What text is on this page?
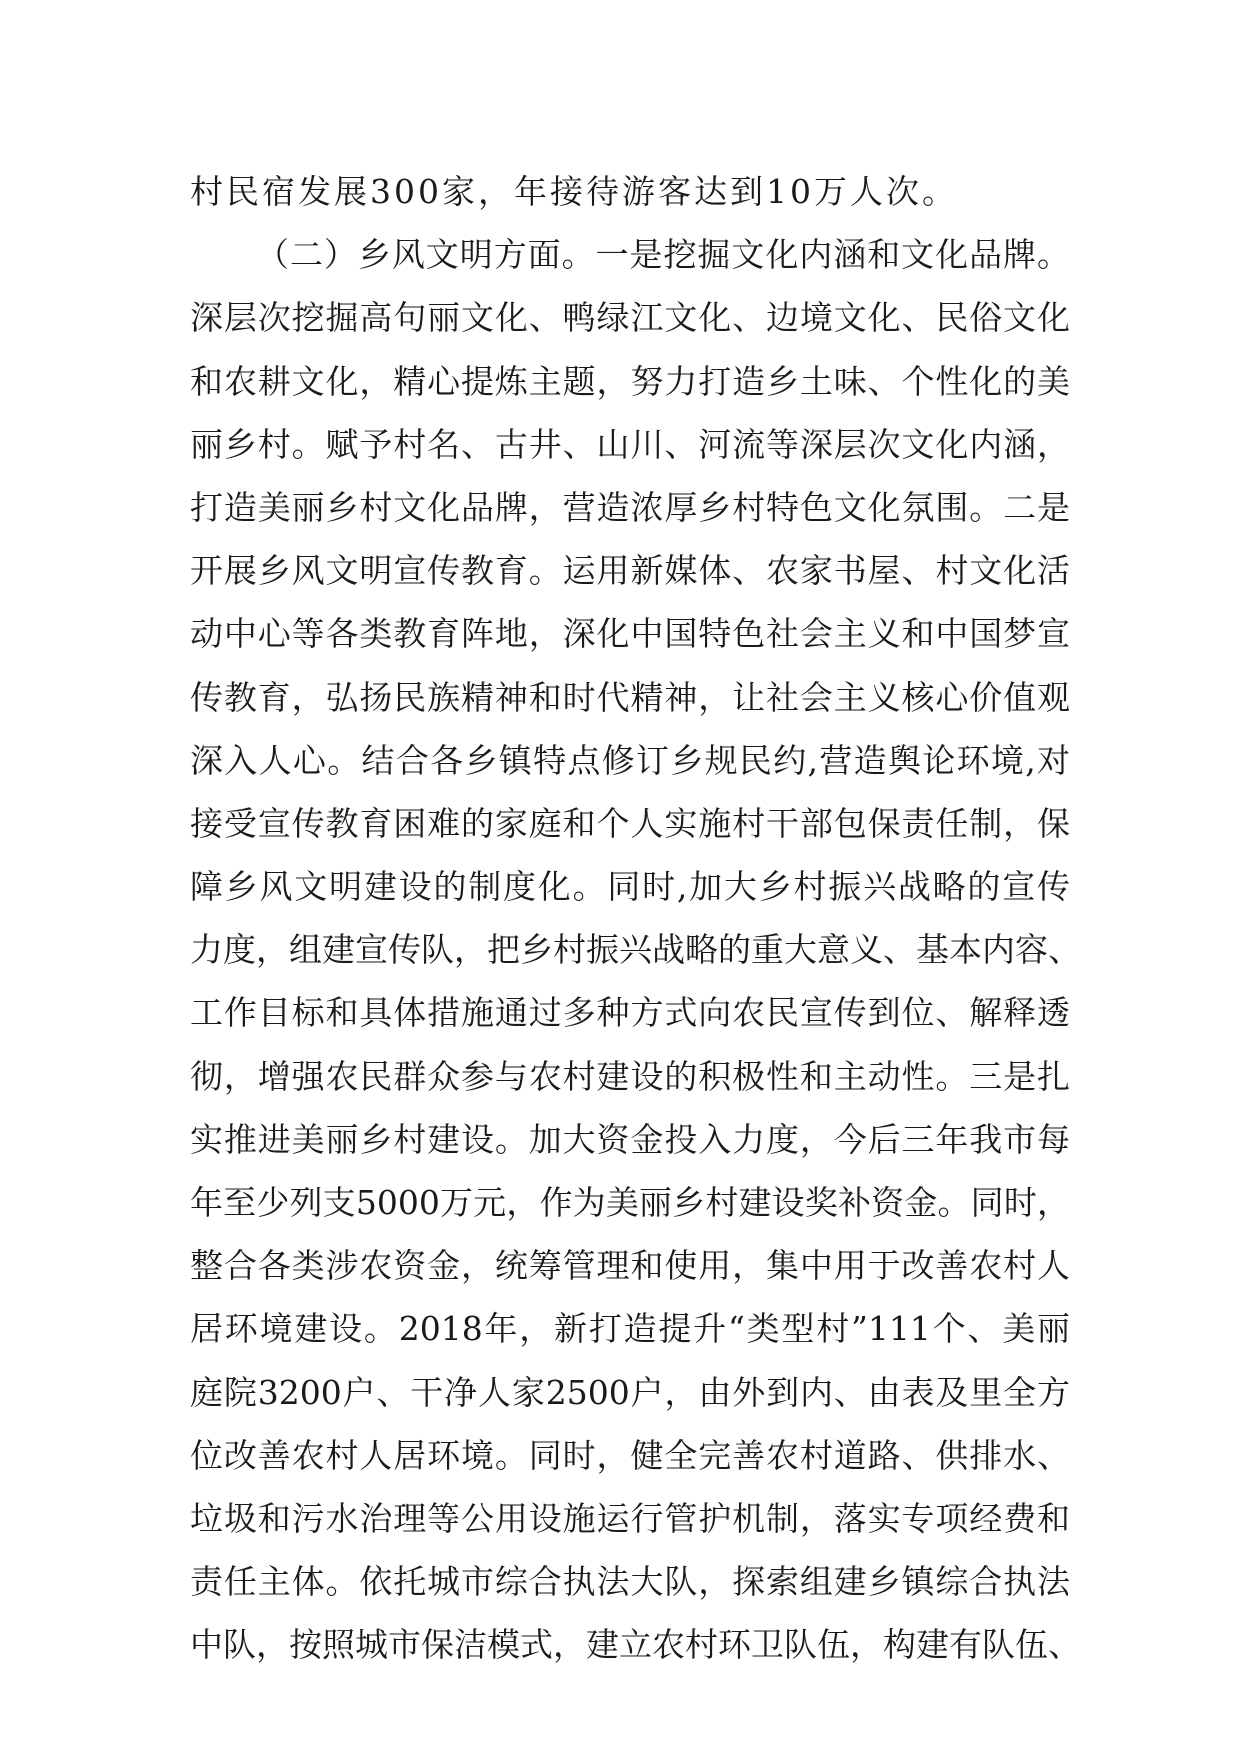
村民宿发展300家，年接待游客达到10万人次。
（二）乡风文明方面。一是挖掘文化内涵和文化品牌。
深层次挖掘高句丽文化、鸭绿江文化、边境文化、民俗文化
和农耕文化，精心提炼主题，努力打造乡土味、个性化的美
丽乡村。赋予村名、古井、山川、河流等深层次文化内涵，
打造美丽乡村文化品牌，营造浓厚乡村特色文化氛围。二是
开展乡风文明宣传教育。运用新媒体、农家书屋、村文化活
动中心等各类教育阵地，深化中国特色社会主义和中国梦宣
传教育，弘扬民族精神和时代精神，让社会主义核心价值观
深入人心。结合各乡镇特点修订乡规民约,营造舆论环境,对
接受宣传教育困难的家庭和个人实施村干部包保责任制，保
障乡风文明建设的制度化。同时,加大乡村振兴战略的宣传
力度，组建宣传队，把乡村振兴战略的重大意义、基本内容、
工作目标和具体措施通过多种方式向农民宣传到位、解释透
彻，增强农民群众参与农村建设的积极性和主动性。三是扎
实推进美丽乡村建设。加大资金投入力度，今后三年我市每
年至少列支5000万元，作为美丽乡村建设奖补资金。同时，
整合各类涉农资金，统筹管理和使用，集中用于改善农村人
居环境建设。2018年，新打造提升“类型村”111个、美丽
庭院3200户、干净人家2500户，由外到内、由表及里全方
位改善农村人居环境。同时，健全完善农村道路、供排水、
垃圾和污水治理等公用设施运行管护机制，落实专项经费和
责任主体。依托城市综合执法大队，探索组建乡镇综合执法
中队，按照城市保洁模式，建立农村环卫队伍，构建有队伍、
